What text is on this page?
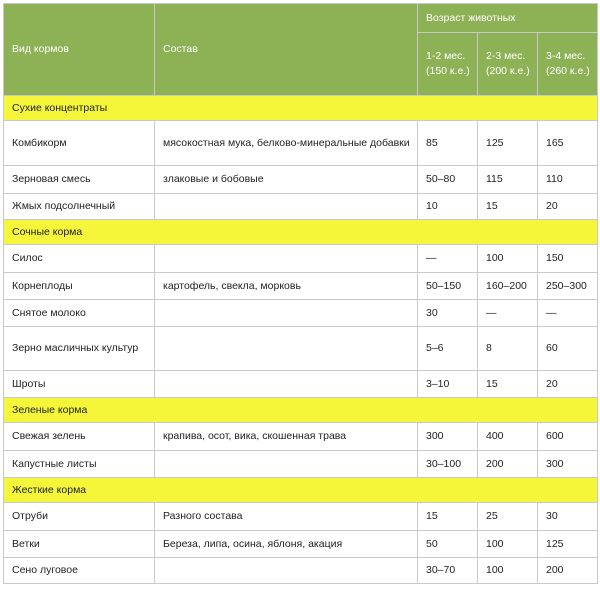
Вид кормов	Состав	Возраст животных		
		1-2 мес. (150 к.е.)	2-3 мес. (200 к.е.)	3-4 мес. (260 к.е.)
Сухие концентраты				
Комбикорм	мясокостная мука, белково-минеральные добавки	85	125	165
Зерновая смесь	злаковые и бобовые	50–80	115	110
Жмых подсолнечный		10	15	20
Сочные корма				
Силос		—	100	150
Корнеплоды	картофель, свекла, морковь	50–150	160–200	250–300
Снятое молоко		30	—	—
Зерно масличных культур		5–6	8	60
Шроты		3–10	15	20
Зеленые корма				
Свежая зелень	крапива, осот, вика, скошенная трава	300	400	600
Капустные листы		30–100	200	300
Жесткие корма				
Отруби	Разного состава	15	25	30
Ветки	Береза, липа, осина, яблоня, акация	50	100	125
Сено луговое		30–70	100	200
